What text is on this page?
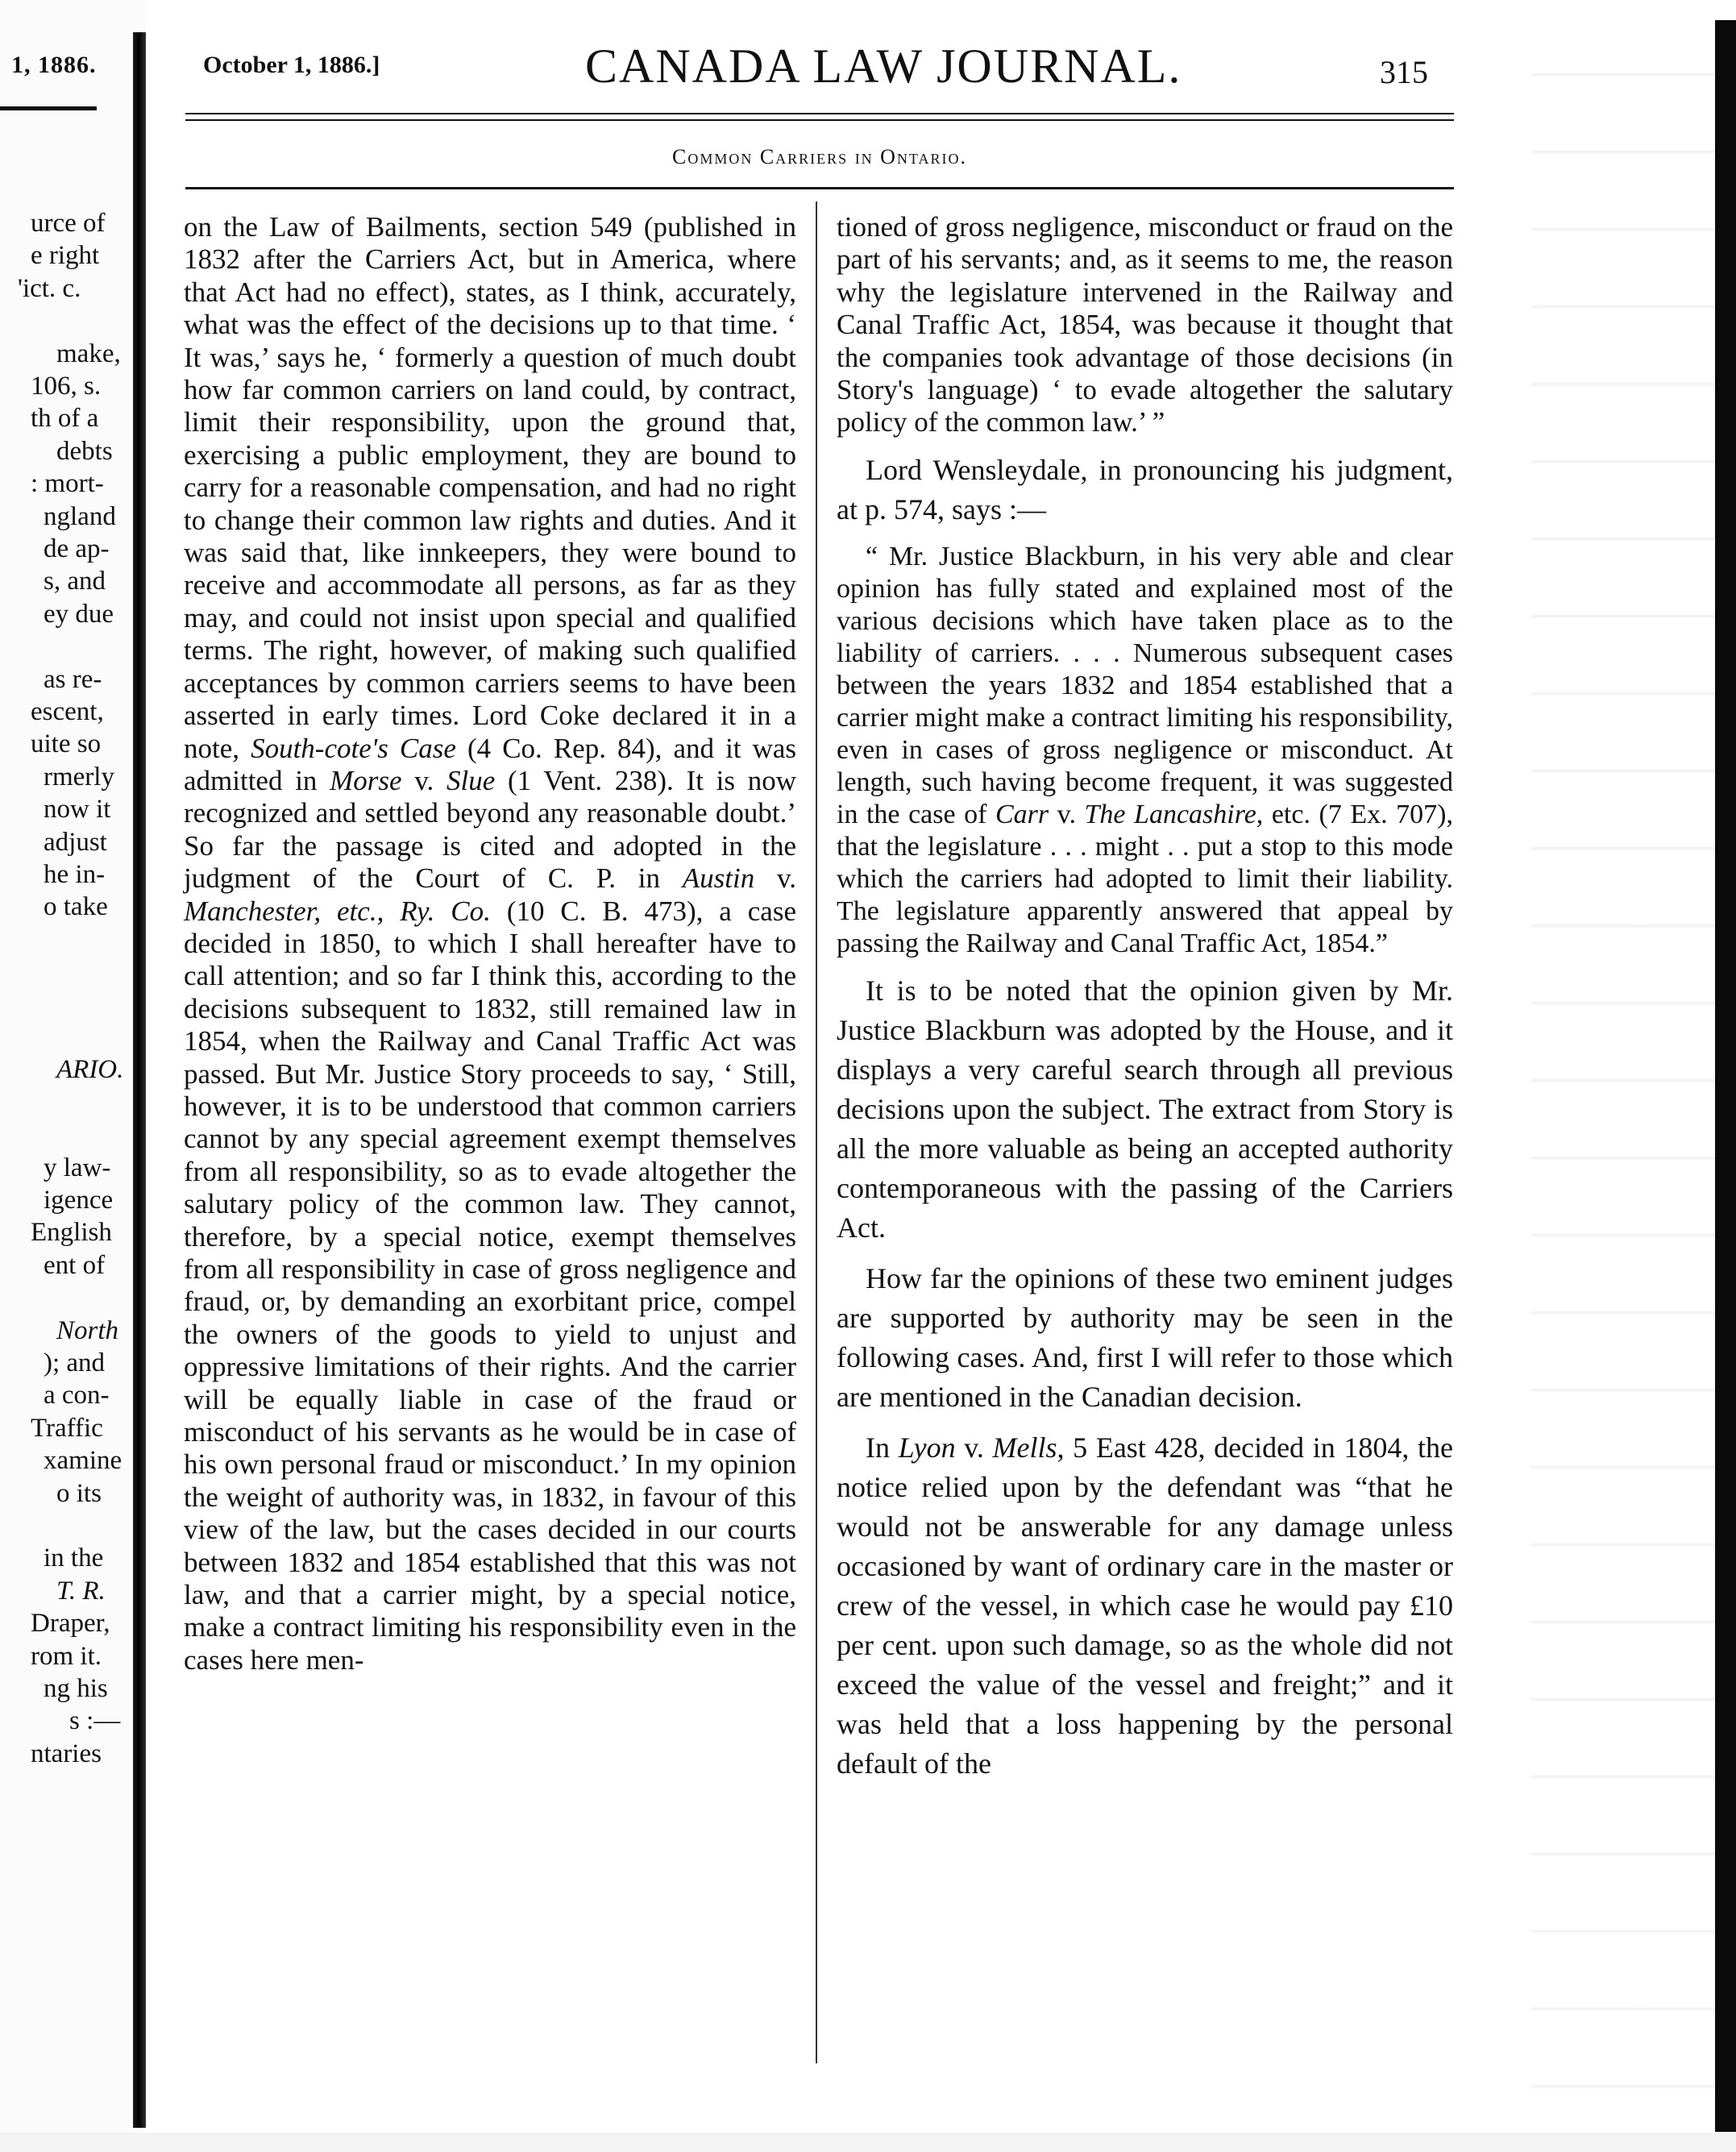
1, 1886.
urce of
e right
'ict. c.
make,
106, s.
th of a
debts
: mort-
ngland
de ap-
s, and
ey due
as re-
escent,
uite so
rmerly
now it
adjust
he in-
o take
ARIO.
y law-
igence
English
ent of
North
); and
a con-
Traffic
xamine
o its
in the
T. R.
Draper,
rom it.
ng his
s :—
ntaries
October 1, 1886.]	CANADA LAW JOURNAL.	315
Common Carriers in Ontario.

on the Law of Bailments, section 549 (published in 1832 after the Carriers Act, but in America, where that Act had no effect), states, as I think, accurately, what was the effect of the decisions up to that time. ‘ It was,’ says he, ‘ formerly a question of much doubt how far common carriers on land could, by contract, limit their responsibility, upon the ground that, exercising a public employment, they are bound to carry for a reasonable compensation, and had no right to change their common law rights and duties. And it was said that, like innkeepers, they were bound to receive and accommodate all persons, as far as they may, and could not insist upon special and qualified terms. The right, however, of making such qualified acceptances by common carriers seems to have been asserted in early times. Lord Coke declared it in a note, South-cote's Case (4 Co. Rep. 84), and it was admitted in Morse v. Slue (1 Vent. 238). It is now recognized and settled beyond any reasonable doubt.’ So far the passage is cited and adopted in the judgment of the Court of C. P. in Austin v. Manchester, etc., Ry. Co. (10 C. B. 473), a case decided in 1850, to which I shall hereafter have to call attention; and so far I think this, according to the decisions subsequent to 1832, still remained law in 1854, when the Railway and Canal Traffic Act was passed. But Mr. Justice Story proceeds to say, ‘ Still, however, it is to be understood that common carriers cannot by any special agreement exempt themselves from all responsibility, so as to evade altogether the salutary policy of the common law. They cannot, therefore, by a special notice, exempt themselves from all responsibility in case of gross negligence and fraud, or, by demanding an exorbitant price, compel the owners of the goods to yield to unjust and oppressive limitations of their rights. And the carrier will be equally liable in case of the fraud or misconduct of his servants as he would be in case of his own personal fraud or misconduct.’ In my opinion the weight of authority was, in 1832, in favour of this view of the law, but the cases decided in our courts between 1832 and 1854 established that this was not law, and that a carrier might, by a special notice, make a contract limiting his responsibility even in the cases here men-

tioned of gross negligence, misconduct or fraud on the part of his servants; and, as it seems to me, the reason why the legislature intervened in the Railway and Canal Traffic Act, 1854, was because it thought that the companies took advantage of those decisions (in Story's language) ‘ to evade altogether the salutary policy of the common law.’ ”

Lord Wensleydale, in pronouncing his judgment, at p. 574, says :—

“ Mr. Justice Blackburn, in his very able and clear opinion has fully stated and explained most of the various decisions which have taken place as to the liability of carriers. . . . Numerous subsequent cases between the years 1832 and 1854 established that a carrier might make a contract limiting his responsibility, even in cases of gross negligence or misconduct. At length, such having become frequent, it was suggested in the case of Carr v. The Lancashire, etc. (7 Ex. 707), that the legislature . . . might . . put a stop to this mode which the carriers had adopted to limit their liability. The legislature apparently answered that appeal by passing the Railway and Canal Traffic Act, 1854.”

It is to be noted that the opinion given by Mr. Justice Blackburn was adopted by the House, and it displays a very careful search through all previous decisions upon the subject. The extract from Story is all the more valuable as being an accepted authority contemporaneous with the passing of the Carriers Act.

How far the opinions of these two eminent judges are supported by authority may be seen in the following cases. And, first I will refer to those which are mentioned in the Canadian decision.

In Lyon v. Mells, 5 East 428, decided in 1804, the notice relied upon by the defendant was “that he would not be answerable for any damage unless occasioned by want of ordinary care in the master or crew of the vessel, in which case he would pay £10 per cent. upon such damage, so as the whole did not exceed the value of the vessel and freight;” and it was held that a loss happening by the personal default of the
